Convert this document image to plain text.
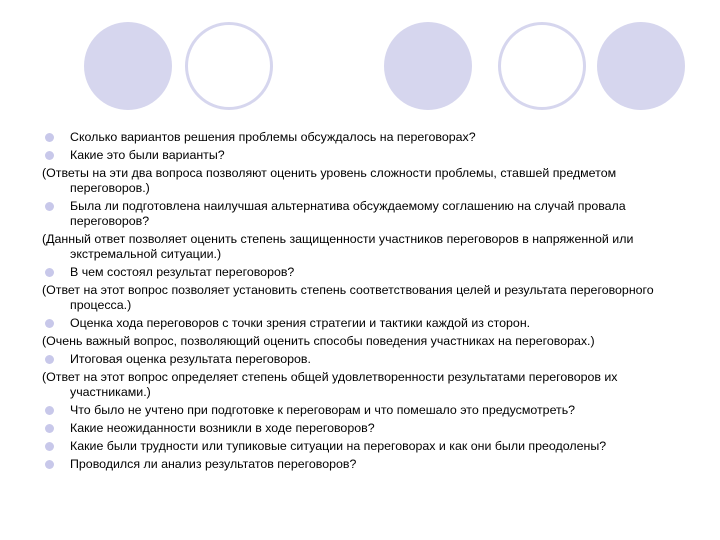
Сколько вариантов решения проблемы обсуждалось на переговорах?
Какие это были варианты?
(Ответы на эти два вопроса позволяют оценить уровень сложности проблемы, ставшей предметом переговоров.)
Была ли подготовлена наилучшая альтернатива обсуждаемому соглашению на случай провала переговоров?
(Данный ответ позволяет оценить степень защищенности участников переговоров в напряженной или экстремальной ситуации.)
В чем состоял результат переговоров?
(Ответ на этот вопрос позволяет установить степень соответствования целей и результата переговорного процесса.)
Оценка хода переговоров с точки зрения стратегии и тактики каждой из сторон.
(Очень важный вопрос, позволяющий оценить способы поведения участниках на переговорах.)
Итоговая оценка результата переговоров.
(Ответ на этот вопрос определяет степень общей удовлетворенности результатами переговоров их участниками.)
Что было не учтено при подготовке к переговорам и что помешало это предусмотреть?
Какие неожиданности возникли в ходе переговоров?
Какие были трудности или тупиковые ситуации на переговорах и как они были преодолены?
Проводился ли анализ результатов переговоров?
